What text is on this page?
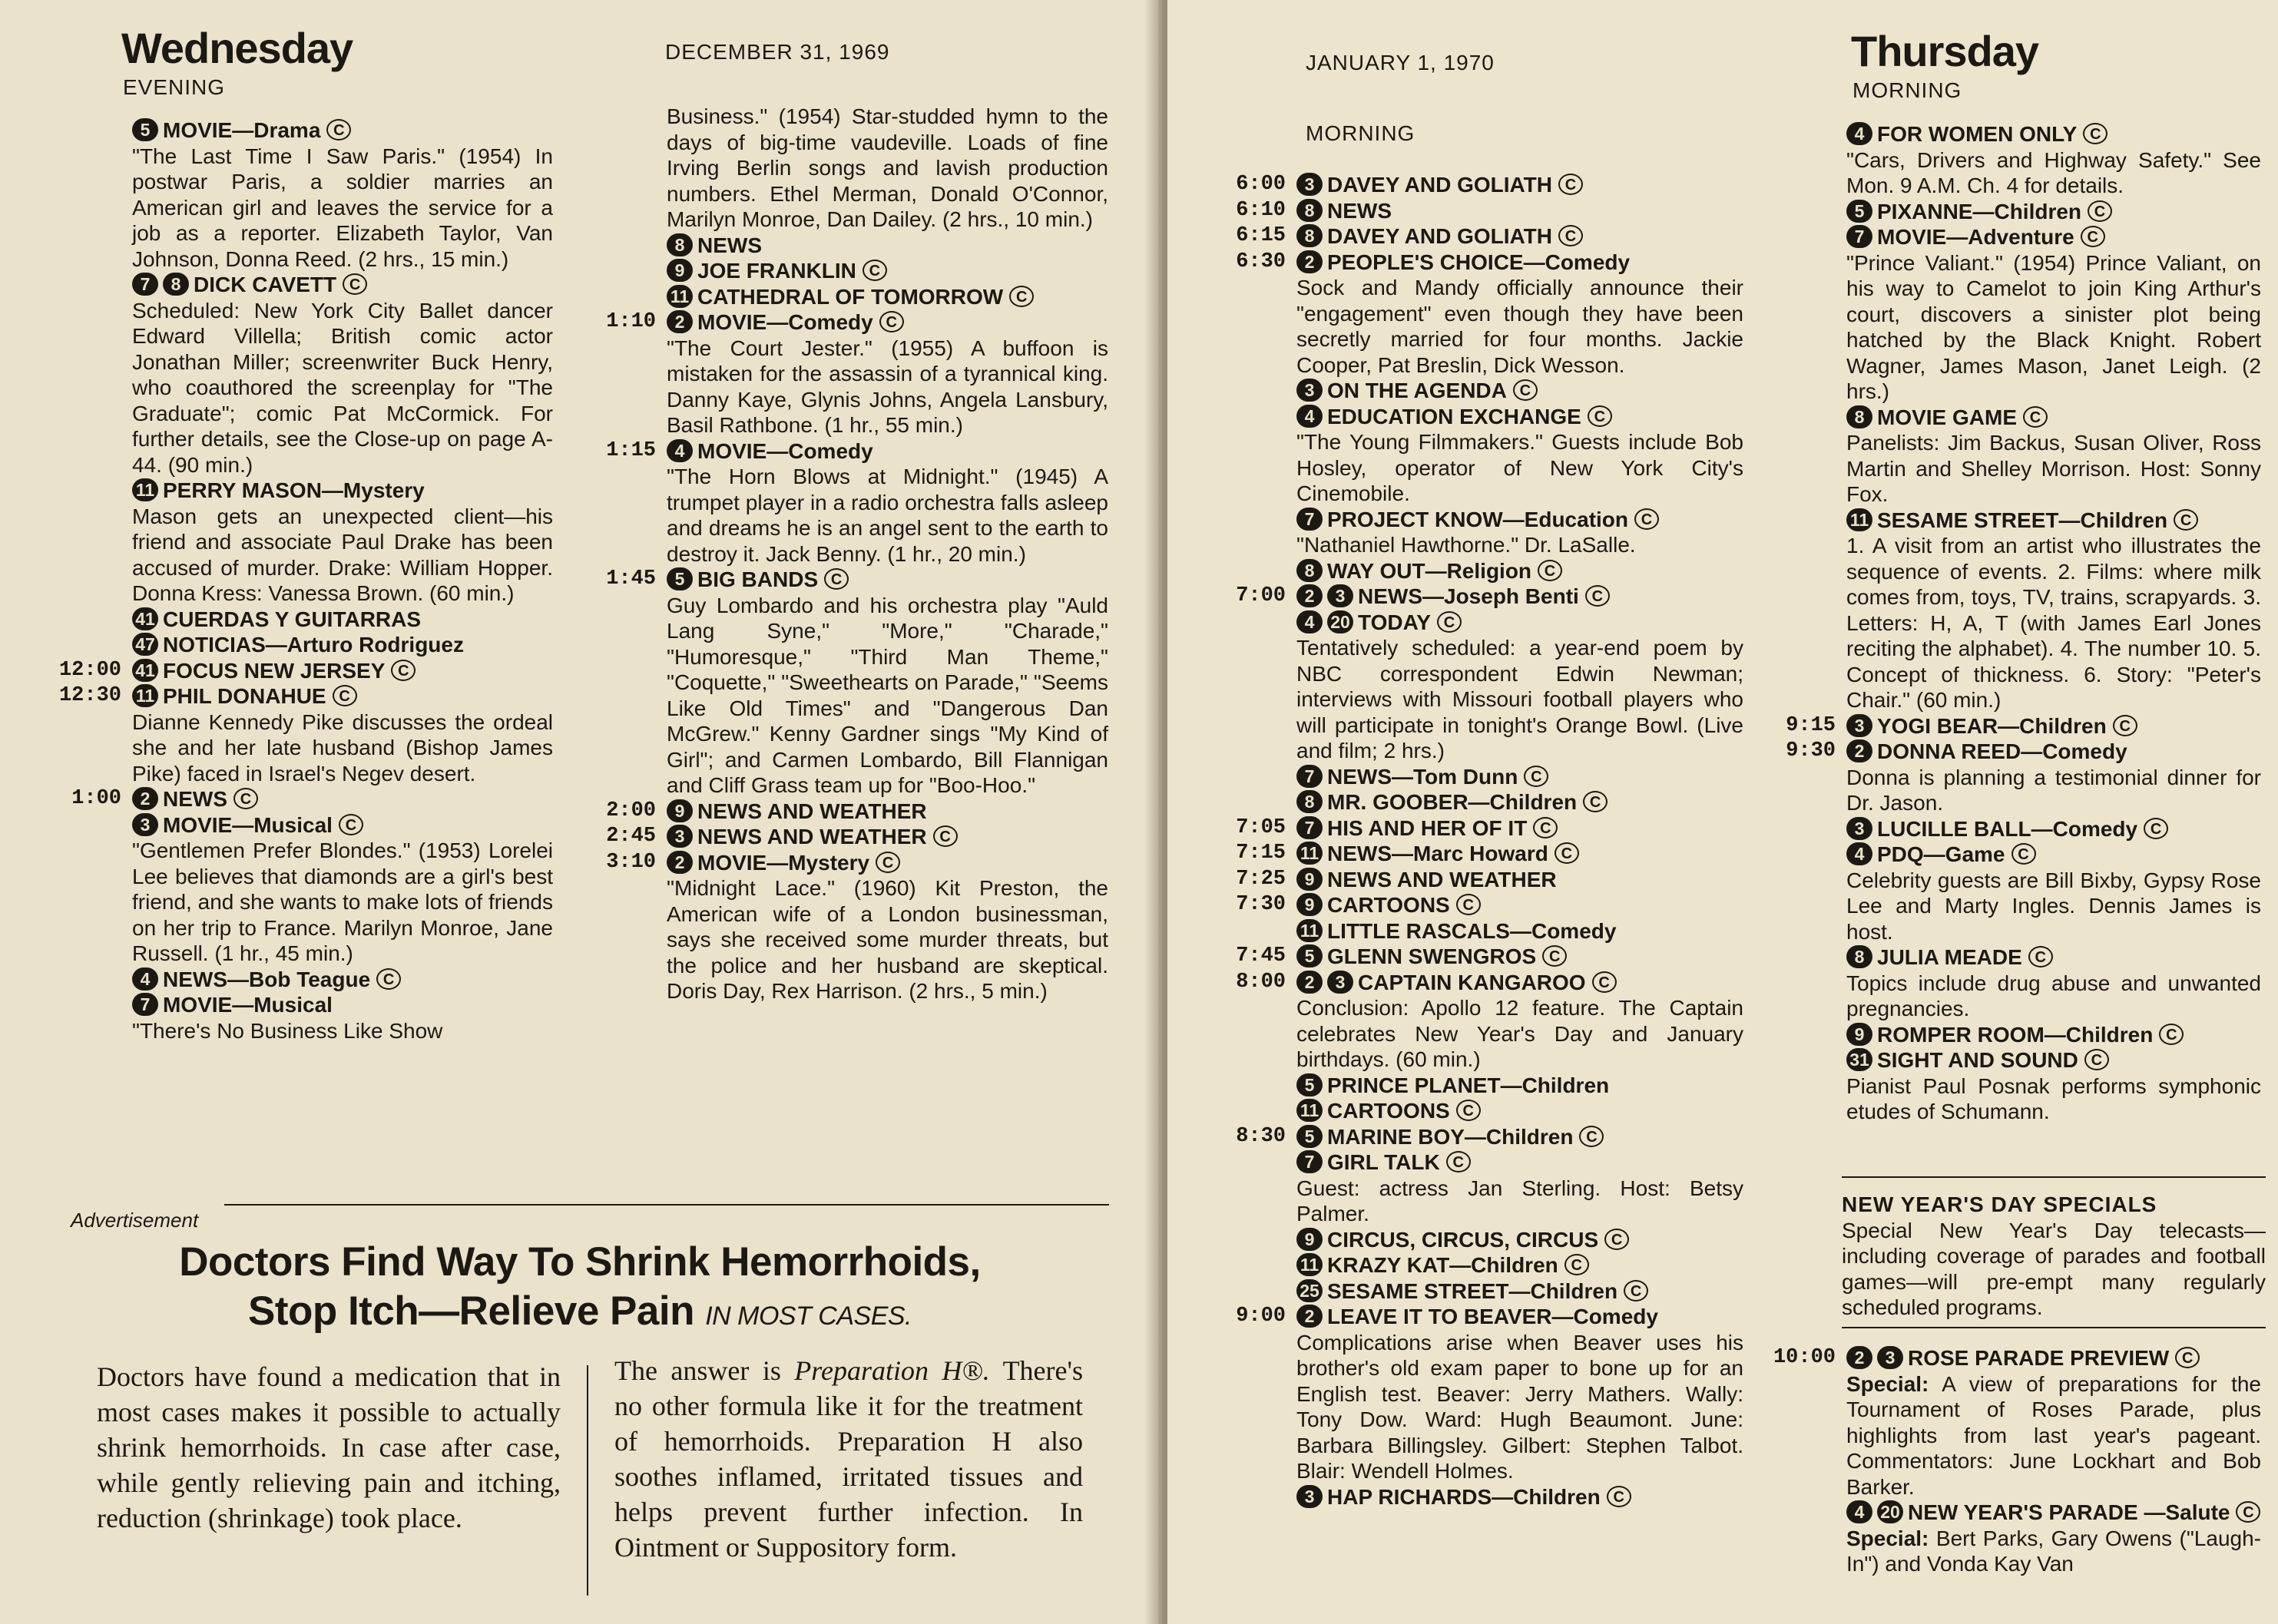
Wednesday
EVENING
DECEMBER 31, 1969
5 MOVIE—Drama C
"The Last Time I Saw Paris." (1954) In postwar Paris, a soldier marries an American girl and leaves the service for a job as a reporter. Elizabeth Taylor, Van Johnson, Donna Reed. (2 hrs., 15 min.)
7 8 DICK CAVETT C
Scheduled: New York City Ballet dancer Edward Villella; British comic actor Jonathan Miller; screenwriter Buck Henry, who coauthored the screenplay for "The Graduate"; comic Pat McCormick. For further details, see the Close-up on page A-44. (90 min.)
11 PERRY MASON—Mystery
Mason gets an unexpected client—his friend and associate Paul Drake has been accused of murder. Drake: William Hopper. Donna Kress: Vanessa Brown. (60 min.)
41 CUERDAS Y GUITARRAS
47 NOTICIAS—Arturo Rodriguez
12:00 41 FOCUS NEW JERSEY C
12:30 11 PHIL DONAHUE C
Dianne Kennedy Pike discusses the ordeal she and her late husband (Bishop James Pike) faced in Israel's Negev desert.
1:00	2 NEWS C
3 MOVIE—Musical C
"Gentlemen Prefer Blondes." (1953) Lorelei Lee believes that diamonds are a girl's best friend, and she wants to make lots of friends on her trip to France. Marilyn Monroe, Jane Russell. (1 hr., 45 min.)
4 NEWS—Bob Teague C
7 MOVIE—Musical
"There's No Business Like Show
Business." (1954) Star-studded hymn to the days of big-time vaudeville. Loads of fine Irving Berlin songs and lavish production numbers. Ethel Merman, Donald O'Connor, Marilyn Monroe, Dan Dailey. (2 hrs., 10 min.)
8 NEWS
9 JOE FRANKLIN C
11 CATHEDRAL OF TOMORROW C
1:10	2 MOVIE—Comedy C
"The Court Jester." (1955) A buffoon is mistaken for the assassin of a tyrannical king. Danny Kaye, Glynis Johns, Angela Lansbury, Basil Rathbone. (1 hr., 55 min.)
1:15	4 MOVIE—Comedy
"The Horn Blows at Midnight." (1945) A trumpet player in a radio orchestra falls asleep and dreams he is an angel sent to the earth to destroy it. Jack Benny. (1 hr., 20 min.)
1:45	5 BIG BANDS C
Guy Lombardo and his orchestra play "Auld Lang Syne," "More," "Charade," "Humoresque," "Third Man Theme," "Coquette," "Sweethearts on Parade," "Seems Like Old Times" and "Dangerous Dan McGrew." Kenny Gardner sings "My Kind of Girl"; and Carmen Lombardo, Bill Flannigan and Cliff Grass team up for "Boo-Hoo."
2:00	9 NEWS AND WEATHER
2:45	3 NEWS AND WEATHER C
3:10	2 MOVIE—Mystery C
"Midnight Lace." (1960) Kit Preston, the American wife of a London businessman, says she received some murder threats, but the police and her husband are skeptical. Doris Day, Rex Harrison. (2 hrs., 5 min.)
Advertisement
Doctors Find Way To Shrink Hemorrhoids,
Stop Itch—Relieve Pain IN MOST CASES.
Doctors have found a medication that in most cases makes it possible to actually shrink hemorrhoids. In case after case, while gently relieving pain and itching, reduction (shrinkage) took place.
The answer is Preparation H®. There's no other formula like it for the treatment of hemorrhoids. Preparation H also soothes inflamed, irritated tissues and helps prevent further infection. In Ointment or Suppository form.
JANUARY 1, 1970	Thursday
MORNING
MORNING
6:00	3 DAVEY AND GOLIATH C
6:10	8 NEWS
6:15	8 DAVEY AND GOLIATH C
6:30	2 PEOPLE'S CHOICE—Comedy
Sock and Mandy officially announce their "engagement" even though they have been secretly married for four months. Jackie Cooper, Pat Breslin, Dick Wesson.
3 ON THE AGENDA C
4 EDUCATION EXCHANGE C
"The Young Filmmakers." Guests include Bob Hosley, operator of New York City's Cinemobile.
7 PROJECT KNOW—Education C
"Nathaniel Hawthorne." Dr. LaSalle.
8 WAY OUT—Religion C
7:00	2 3 NEWS—Joseph Benti C
4 20 TODAY C
Tentatively scheduled: a year-end poem by NBC correspondent Edwin Newman; interviews with Missouri football players who will participate in tonight's Orange Bowl. (Live and film; 2 hrs.)
7 NEWS—Tom Dunn C
8 MR. GOOBER—Children C
7:05	7 HIS AND HER OF IT C
7:15 11 NEWS—Marc Howard C
7:25	9 NEWS AND WEATHER
7:30	9 CARTOONS C
11 LITTLE RASCALS—Comedy
7:45	5 GLENN SWENGROS C
8:00	2 3 CAPTAIN KANGAROO C
Conclusion: Apollo 12 feature. The Captain celebrates New Year's Day and January birthdays. (60 min.)
5 PRINCE PLANET—Children
11 CARTOONS C
8:30	5 MARINE BOY—Children C
7 GIRL TALK C
Guest: actress Jan Sterling. Host: Betsy Palmer.
9 CIRCUS, CIRCUS, CIRCUS C
11 KRAZY KAT—Children C
25 SESAME STREET—Children C
9:00	2 LEAVE IT TO BEAVER—Comedy
Complications arise when Beaver uses his brother's old exam paper to bone up for an English test. Beaver: Jerry Mathers. Wally: Tony Dow. Ward: Hugh Beaumont. June: Barbara Billingsley. Gilbert: Stephen Talbot. Blair: Wendell Holmes.
3 HAP RICHARDS—Children C
4 FOR WOMEN ONLY C
"Cars, Drivers and Highway Safety." See Mon. 9 A.M. Ch. 4 for details.
5 PIXANNE—Children C
7 MOVIE—Adventure C
"Prince Valiant." (1954) Prince Valiant, on his way to Camelot to join King Arthur's court, discovers a sinister plot being hatched by the Black Knight. Robert Wagner, James Mason, Janet Leigh. (2 hrs.)
8 MOVIE GAME C
Panelists: Jim Backus, Susan Oliver, Ross Martin and Shelley Morrison. Host: Sonny Fox.
11 SESAME STREET—Children C
1. A visit from an artist who illustrates the sequence of events. 2. Films: where milk comes from, toys, TV, trains, scrapyards. 3. Letters: H, A, T (with James Earl Jones reciting the alphabet). 4. The number 10. 5. Concept of thickness. 6. Story: "Peter's Chair." (60 min.)
9:15	3 YOGI BEAR—Children C
9:30	2 DONNA REED—Comedy
Donna is planning a testimonial dinner for Dr. Jason.
3 LUCILLE BALL—Comedy C
4 PDQ—Game C
Celebrity guests are Bill Bixby, Gypsy Rose Lee and Marty Ingles. Dennis James is host.
8 JULIA MEADE C
Topics include drug abuse and unwanted pregnancies.
9 ROMPER ROOM—Children C
31 SIGHT AND SOUND C
Pianist Paul Posnak performs symphonic etudes of Schumann.
NEW YEAR'S DAY SPECIALS
Special New Year's Day telecasts—including coverage of parades and football games—will pre-empt many regularly scheduled programs.
10:00	2 3 ROSE PARADE PREVIEW C
Special: A view of preparations for the Tournament of Roses Parade, plus highlights from last year's pageant. Commentators: June Lockhart and Bob Barker.
4 20 NEW YEAR'S PARADE —Salute C
Special: Bert Parks, Gary Owens ("Laugh-In") and Vonda Kay Van
